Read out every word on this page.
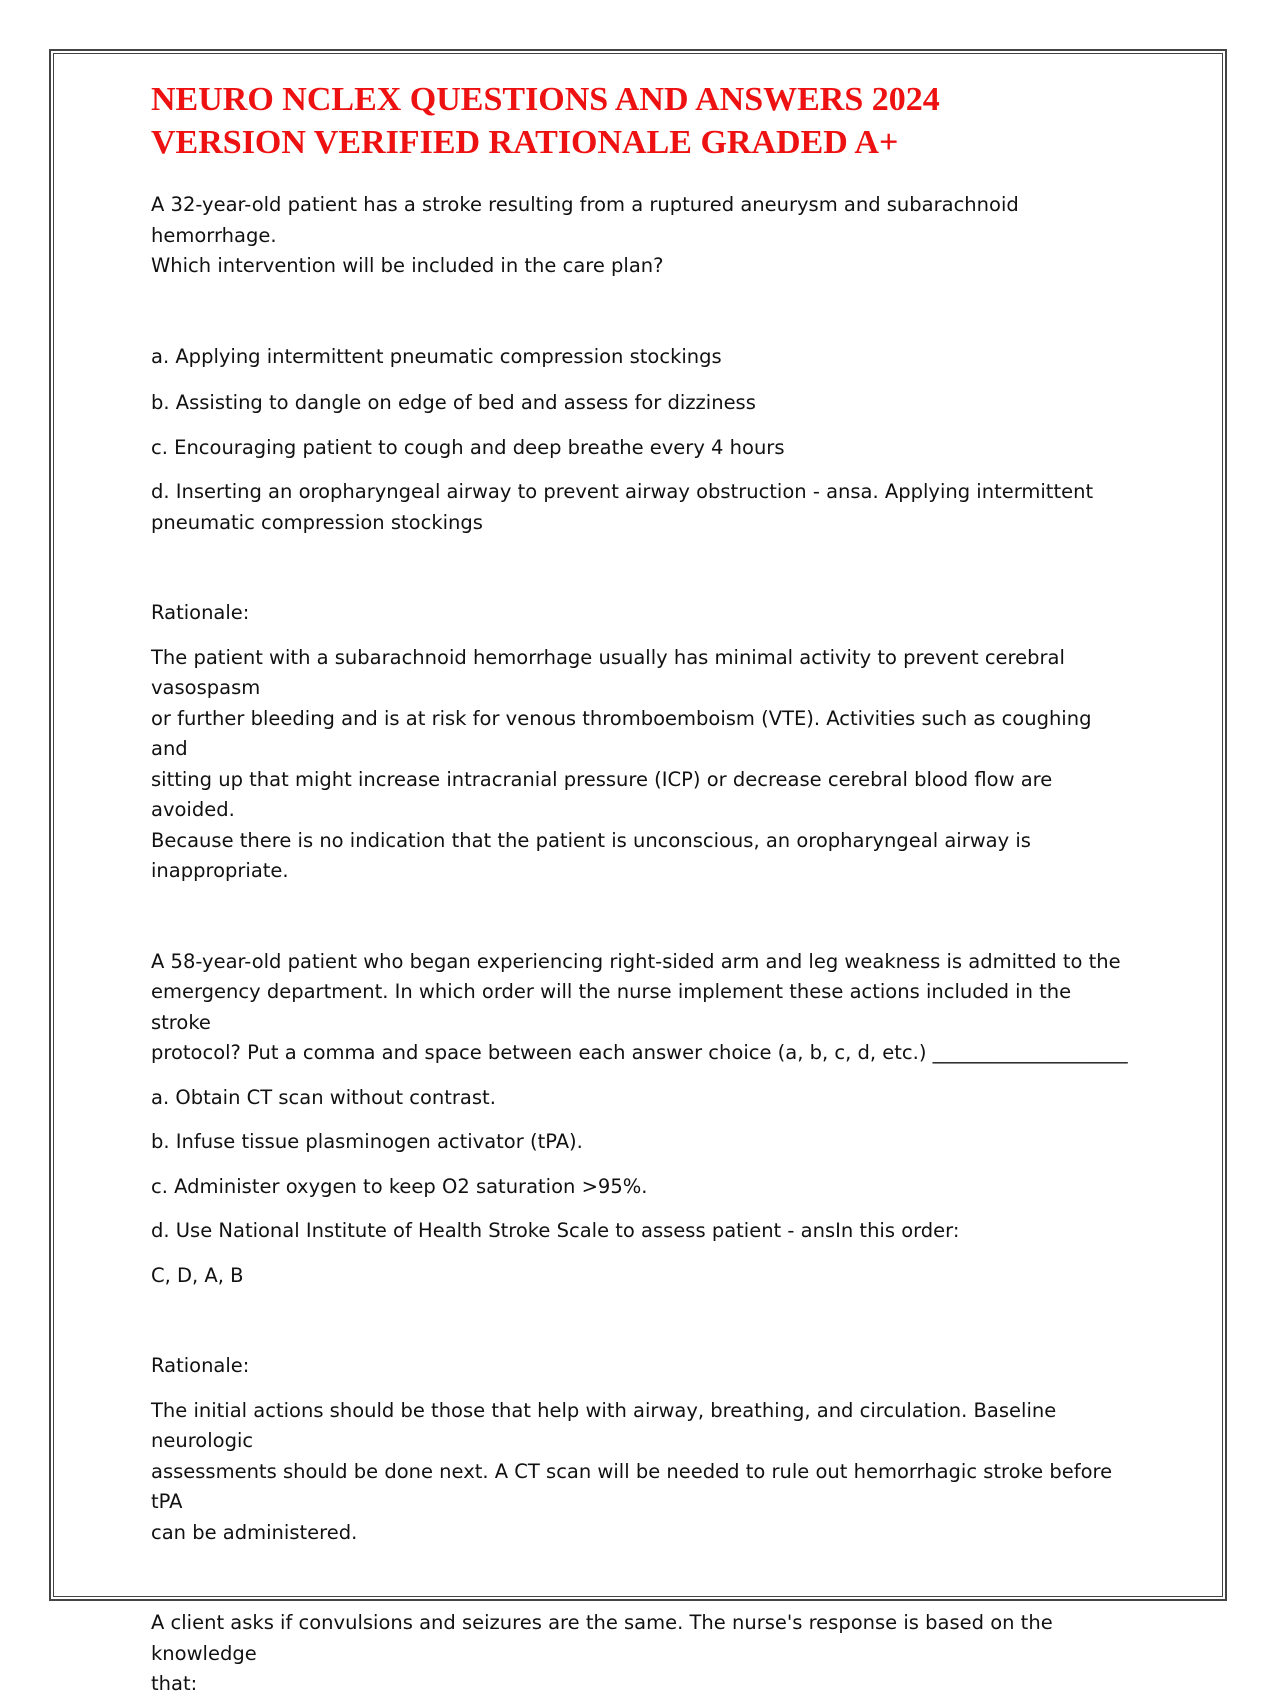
NEURO NCLEX QUESTIONS AND ANSWERS 2024
VERSION VERIFIED RATIONALE GRADED A+

A 32-year-old patient has a stroke resulting from a ruptured aneurysm and subarachnoid hemorrhage.
Which intervention will be included in the care plan?

a. Applying intermittent pneumatic compression stockings

b. Assisting to dangle on edge of bed and assess for dizziness

c. Encouraging patient to cough and deep breathe every 4 hours

d. Inserting an oropharyngeal airway to prevent airway obstruction - ansa. Applying intermittent
pneumatic compression stockings

Rationale:

The patient with a subarachnoid hemorrhage usually has minimal activity to prevent cerebral vasospasm
or further bleeding and is at risk for venous thromboemboism (VTE). Activities such as coughing and
sitting up that might increase intracranial pressure (ICP) or decrease cerebral blood flow are avoided.
Because there is no indication that the patient is unconscious, an oropharyngeal airway is inappropriate.

A 58-year-old patient who began experiencing right-sided arm and leg weakness is admitted to the
emergency department. In which order will the nurse implement these actions included in the stroke
protocol? Put a comma and space between each answer choice (a, b, c, d, etc.) ____________________

a. Obtain CT scan without contrast.

b. Infuse tissue plasminogen activator (tPA).

c. Administer oxygen to keep O2 saturation >95%.

d. Use National Institute of Health Stroke Scale to assess patient - ansIn this order:

C, D, A, B

Rationale:

The initial actions should be those that help with airway, breathing, and circulation. Baseline neurologic
assessments should be done next. A CT scan will be needed to rule out hemorrhagic stroke before tPA
can be administered.

A client asks if convulsions and seizures are the same. The nurse's response is based on the knowledge
that:
